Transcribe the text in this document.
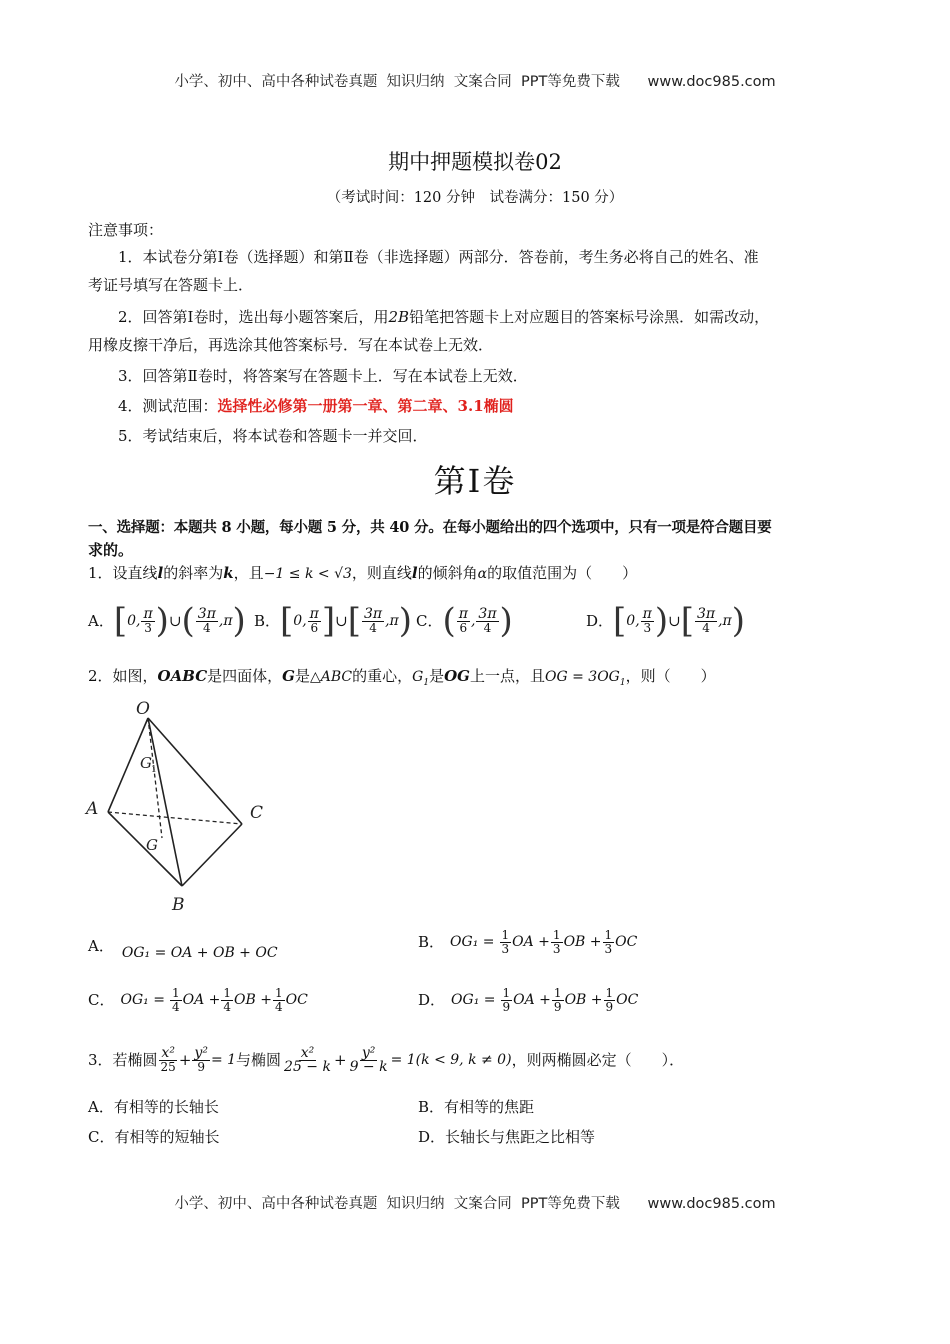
小学、初中、高中各种试卷真题  知识归纳  文案合同  PPT等免费下载 www.doc985.com
期中押题模拟卷02
（考试时间：120 分钟　试卷满分：150 分）
注意事项：
1．本试卷分第Ⅰ卷（选择题）和第Ⅱ卷（非选择题）两部分．答卷前，考生务必将自己的姓名、准
考证号填写在答题卡上．
2．回答第Ⅰ卷时，选出每小题答案后，用2B铅笔把答题卡上对应题目的答案标号涂黑．如需改动，
用橡皮擦干净后，再选涂其他答案标号．写在本试卷上无效．
3．回答第Ⅱ卷时，将答案写在答题卡上．写在本试卷上无效．
4．测试范围：选择性必修第一册第一章、第二章、3.1椭圆
5．考试结束后，将本试卷和答题卡一并交回．
第Ⅰ卷
一、选择题：本题共 8 小题，每小题 5 分，共 40 分。在每小题给出的四个选项中，只有一项是符合题目要
求的。
1．设直线l的斜率为k，且−1 ≤ k < √3，则直线l的倾斜角α的取值范围为（　　）
A． [ 0, $\frac{\pi}{3}$ ) ∪ ( $\frac{3\pi}{4} ,\pi$ ) B． [ 0, $\frac{\pi}{6}$ ] ∪ [ $\frac{3\pi}{4} ,\pi$ ) C． ( $\frac{\pi}{6}$ , $\frac{3\pi}{4}$ )	D． [ 0, $\frac{\pi}{3}$ ) ∪ [ $\frac{3\pi}{4} ,\pi$ )
2．如图，OABC是四面体，G是△ABC的重心，$G_1$是OG上一点，且OG = $3OG_1$，则（　　）
O
A	C
B
G
G 1
A． OG₁ = OA + OB + OC
B． $OG_1 = \frac{1}{3}$ OA + $\frac{1}{3}$ OB + $\frac{1}{3}$ OC
C． $OG_1 = \frac{1}{4}$ OA + $\frac{1}{4}$ OB + $\frac{1}{4}$ OC	D． $OG_1 = \frac{1}{9}$ OA + $\frac{1}{9}$ OB + $\frac{1}{9}$ OC
3．若椭圆 $\frac{\text{x²}}{25} + \frac{\text{y²}}{9} = 1$ 与椭圆 $\frac{\text{x²}}{25 - k} + \frac{\text{y²}}{9 - k} = 1(k < 9$, k ≠ 0) ，则两椭圆必定（　　）．
A．有相等的长轴长	B．有相等的焦距
C．有相等的短轴长	D．长轴长与焦距之比相等
小学、初中、高中各种试卷真题  知识归纳  文案合同  PPT等免费下载 www.doc985.com
